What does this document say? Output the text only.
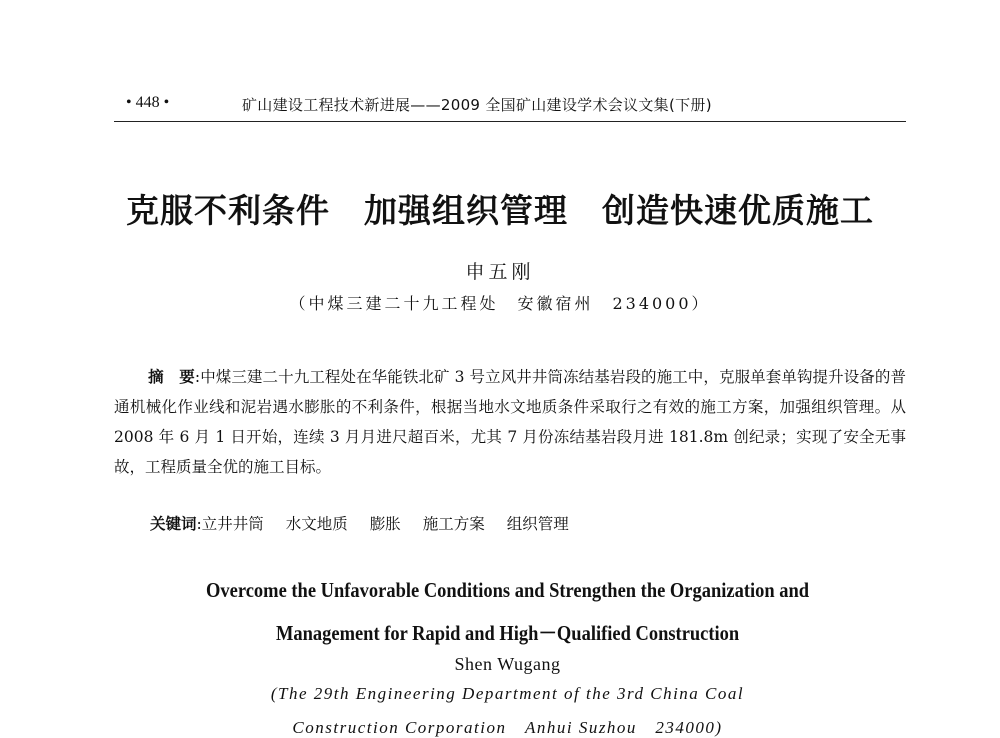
• 448 •	矿山建设工程技术新进展——2009 全国矿山建设学术会议文集(下册)
克服不利条件　加强组织管理　创造快速优质施工
申五刚
（中煤三建二十九工程处　安徽宿州　234000）
摘　要:中煤三建二十九工程处在华能铁北矿 3 号立风井井筒冻结基岩段的施工中，克服单套单钩提升设备的普通机械化作业线和泥岩遇水膨胀的不利条件，根据当地水文地质条件采取行之有效的施工方案，加强组织管理。从 2008 年 6 月 1 日开始，连续 3 月月进尺超百米，尤其 7 月份冻结基岩段月进 181.8m 创纪录；实现了安全无事故，工程质量全优的施工目标。
关键词:立井井筒 水文地质 膨胀 施工方案 组织管理
Overcome the Unfavorable Conditions and Strengthen the Organization and
Management for Rapid and High－Qualified Construction
Shen Wugang
(The 29th Engineering Department of the 3rd China Coal
Construction Corporation　Anhui Suzhou　234000)
